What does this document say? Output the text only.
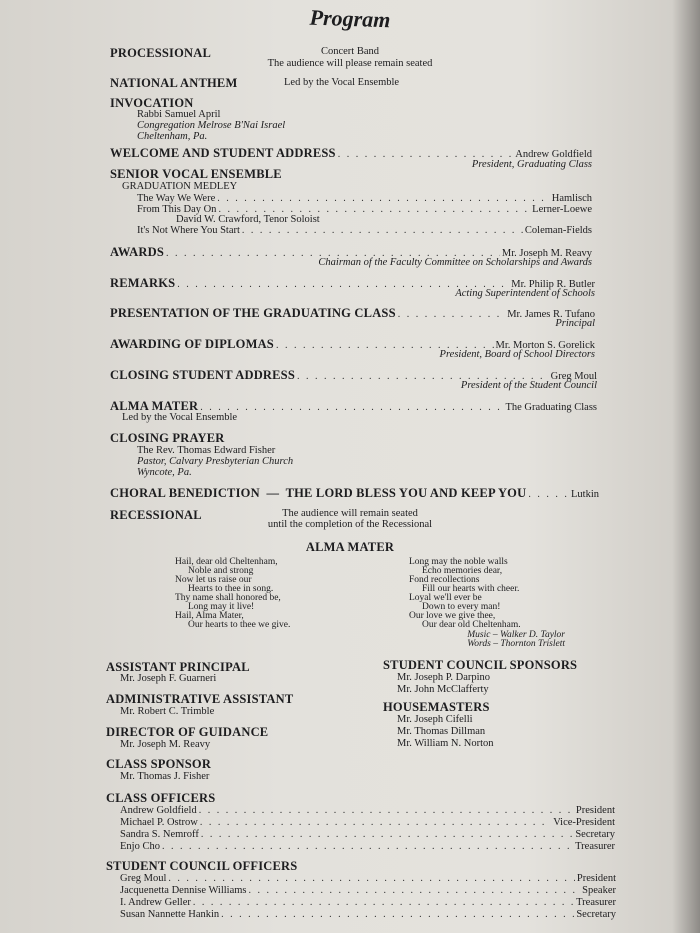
Program
PROCESSIONAL	Concert Band
The audience will please remain seated
NATIONAL ANTHEM	Led by the Vocal Ensemble
INVOCATION
Rabbi Samuel April
Congregation Melrose B'Nai Israel
Cheltenham, Pa.
WELCOME AND STUDENT ADDRESS . . .	Andrew Goldfield
President, Graduating Class
SENIOR VOCAL ENSEMBLE
GRADUATION MEDLEY
The Way We Were . . .	Hamlisch
From This Day On . . .	Lerner-Loewe
David W. Crawford, Tenor Soloist
It's Not Where You Start . . .	Coleman-Fields
AWARDS . . .	Mr. Joseph M. Reavy
Chairman of the Faculty Committee on Scholarships and Awards
REMARKS . . .	Mr. Philip R. Butler
Acting Superintendent of Schools
PRESENTATION OF THE GRADUATING CLASS . . .	Mr. James R. Tufano
Principal
AWARDING OF DIPLOMAS . . .	Mr. Morton S. Gorelick
President, Board of School Directors
CLOSING STUDENT ADDRESS . . .	Greg Moul
President of the Student Council
ALMA MATER . . .	The Graduating Class
Led by the Vocal Ensemble
CLOSING PRAYER
The Rev. Thomas Edward Fisher
Pastor, Calvary Presbyterian Church
Wyncote, Pa.
CHORAL BENEDICTION  —  THE LORD BLESS YOU AND KEEP YOU . . .	Lutkin
RECESSIONAL	The audience will remain seated
until the completion of the Recessional
ALMA MATER
Hail, dear old Cheltenham,
Noble and strong
Now let us raise our
Hearts to thee in song.
Thy name shall honored be,
Long may it live!
Hail, Alma Mater,
Our hearts to thee we give.
Long may the noble walls
Echo memories dear,
Fond recollections
Fill our hearts with cheer.
Loyal we'll ever be
Down to every man!
Our love we give thee,
Our dear old Cheltenham.
Music – Walker D. Taylor
Words – Thornton Trislett
ASSISTANT PRINCIPAL
Mr. Joseph F. Guarneri
ADMINISTRATIVE ASSISTANT
Mr. Robert C. Trimble
DIRECTOR OF GUIDANCE
Mr. Joseph M. Reavy
CLASS SPONSOR
Mr. Thomas J. Fisher
STUDENT COUNCIL SPONSORS
Mr. Joseph P. Darpino
Mr. John McClafferty
HOUSEMASTERS
Mr. Joseph Cifelli
Mr. Thomas Dillman
Mr. William N. Norton
CLASS OFFICERS
Andrew Goldfield . . .	President
Michael P. Ostrow . . .	Vice-President
Sandra S. Nemroff . . .	Secretary
Enjo Cho . . .	Treasurer
STUDENT COUNCIL OFFICERS
Greg Moul . . .	President
Jacquenetta Dennise Williams . . .	Speaker
I. Andrew Geller . . .	Treasurer
Susan Nannette Hankin . . .	Secretary
